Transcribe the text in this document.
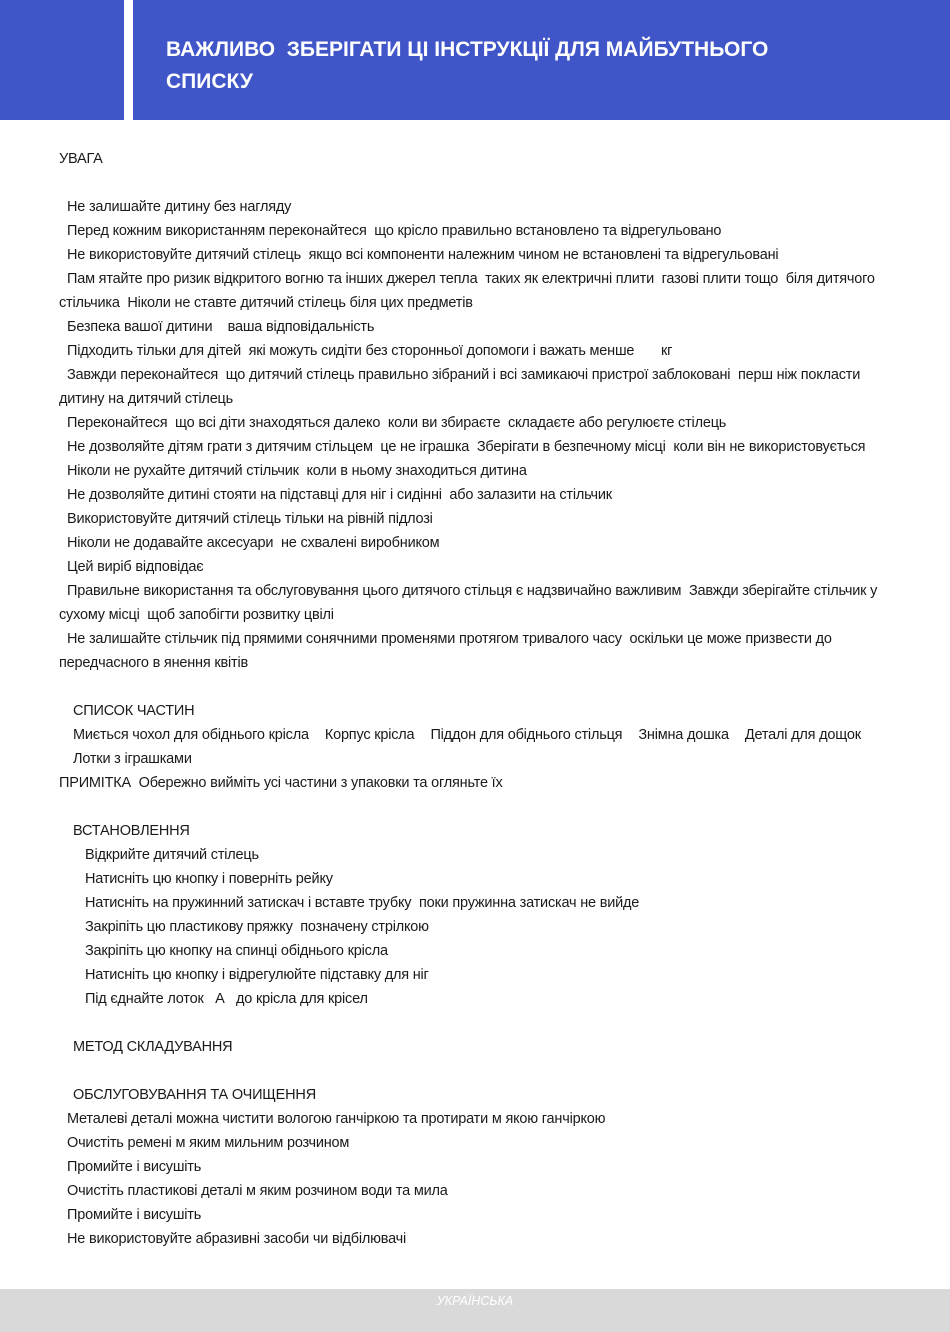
ВАЖЛИВО  ЗБЕРІГАТИ ЦІ ІНСТРУКЦІЇ ДЛЯ МАЙБУТНЬОГО
СПИСКУ
УВАГА
Не залишайте дитину без нагляду
Перед кожним використанням переконайтеся  що крісло правильно встановлено та відрегульовано
Не використовуйте дитячий стілець  якщо всі компоненти належним чином не встановлені та відрегульовані
Пам ятайте про ризик відкритого вогню та інших джерел тепла  таких як електричні плити  газові плити тощо  біля дитячого
стільчика  Ніколи не ставте дитячий стілець біля цих предметів
Безпека вашої дитини    ваша відповідальність
Підходить тільки для дітей  які можуть сидіти без сторонньої допомоги і важать менше       кг
Завжди переконайтеся  що дитячий стілець правильно зібраний і всі замикаючі пристрої заблоковані  перш ніж покласти
дитину на дитячий стілець
Переконайтеся  що всі діти знаходяться далеко  коли ви збираєте  складаєте або регулюєте стілець
Не дозволяйте дітям грати з дитячим стільцем  це не іграшка  Зберігати в безпечному місці  коли він не використовується
Ніколи не рухайте дитячий стільчик  коли в ньому знаходиться дитина
Не дозволяйте дитині стояти на підставці для ніг і сидінні  або залазити на стільчик
Використовуйте дитячий стілець тільки на рівній підлозі
Ніколи не додавайте аксесуари  не схвалені виробником
Цей виріб відповідає
Правильне використання та обслуговування цього дитячого стільця є надзвичайно важливим  Завжди зберігайте стільчик у
сухому місці  щоб запобігти розвитку цвілі
Не залишайте стільчик під прямими сонячними променями протягом тривалого часу  оскільки це може призвести до
передчасного в янення квітів
СПИСОК ЧАСТИН
Миється чохол для обіднього крісла Корпус крісла Піддон для обіднього стільця Знімна дошка Деталі для дощок
Лотки з іграшками
ПРИМІТКА  Обережно вийміть усі частини з упаковки та огляньте їх
ВСТАНОВЛЕННЯ
Відкрийте дитячий стілець
Натисніть цю кнопку і поверніть рейку
Натисніть на пружинний затискач і вставте трубку  поки пружинна затискач не вийде
Закріпіть цю пластикову пряжку  позначену стрілкою
Закріпіть цю кнопку на спинці обіднього крісла
Натисніть цю кнопку і відрегулюйте підставку для ніг
Під єднайте лоток   А   до крісла для крісел
МЕТОД СКЛАДУВАННЯ
ОБСЛУГОВУВАННЯ ТА ОЧИЩЕННЯ
Металеві деталі можна чистити вологою ганчіркою та протирати м якою ганчіркою
Очистіть ремені м яким мильним розчином
Промийте і висушіть
Очистіть пластикові деталі м яким розчином води та мила
Промийте і висушіть
Не використовуйте абразивні засоби чи відбілювачі
УКРАЇНСЬКА
